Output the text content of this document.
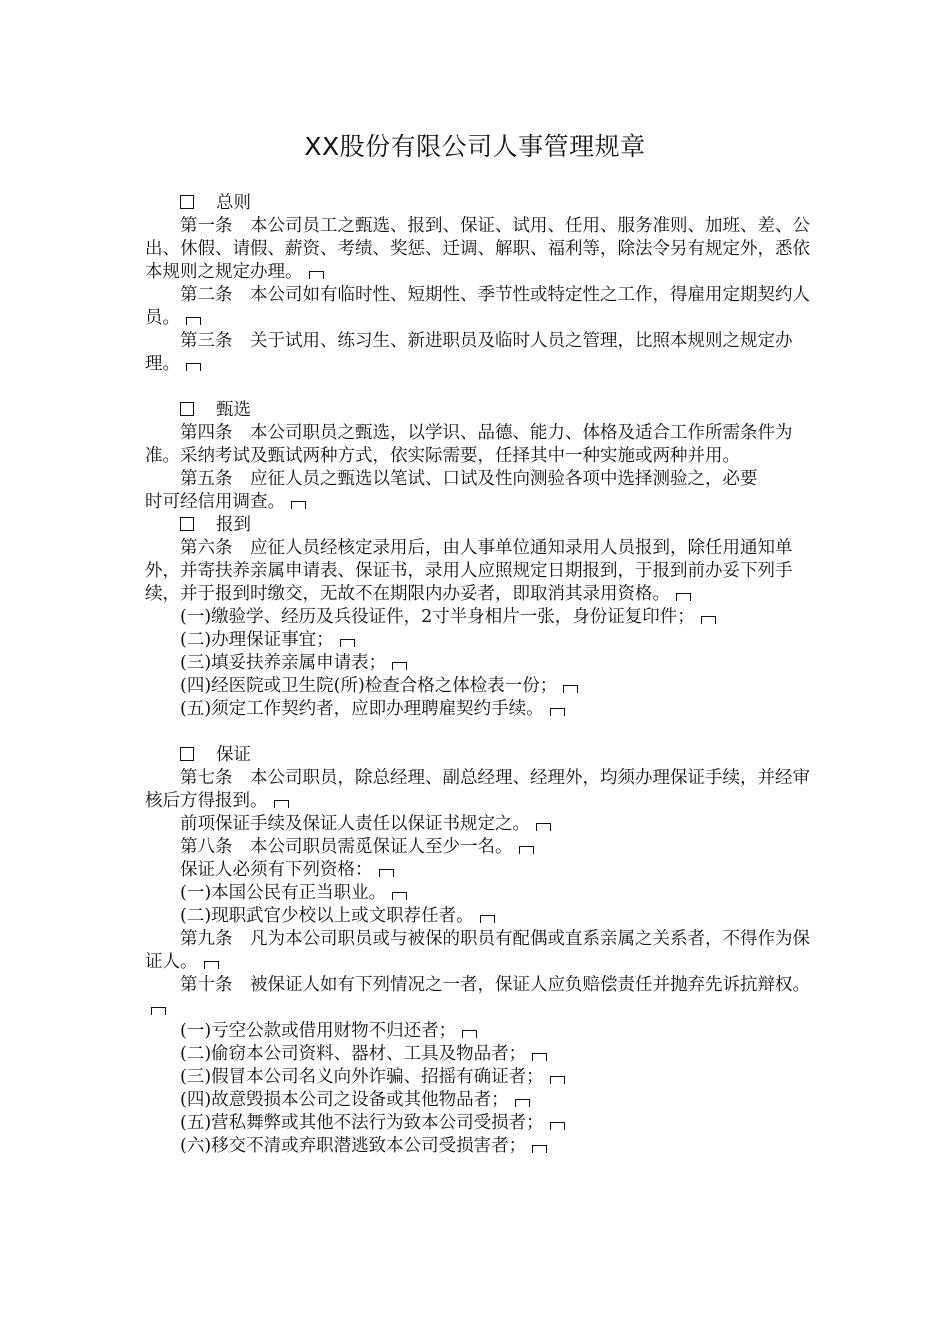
XX股份有限公司人事管理规章
总则

第一条　本公司员工之甄选、报到、保证、试用、任用、服务准则、加班、差、公出、休假、请假、薪资、考绩、奖惩、迁调、解职、福利等，除法令另有规定外，悉依本规则之规定办理。

第二条　本公司如有临时性、短期性、季节性或特定性之工作，得雇用定期契约人员。

第三条　关于试用、练习生、新进职员及临时人员之管理，比照本规则之规定办理。

甄选

第四条　本公司职员之甄选，以学识、品德、能力、体格及适合工作所需条件为准。采纳考试及甄试两种方式，依实际需要，任择其中一种实施或两种并用。

第五条　应征人员之甄选以笔试、口试及性向测验各项中选择测验之，必要

时可经信用调查。

报到

第六条　应征人员经核定录用后，由人事单位通知录用人员报到，除任用通知单外，并寄扶养亲属申请表、保证书，录用人应照规定日期报到，于报到前办妥下列手续，并于报到时缴交，无故不在期限内办妥者，即取消其录用资格。

(一)缴验学、经历及兵役证件，2寸半身相片一张，身份证复印件；

(二)办理保证事宜；

(三)填妥扶养亲属申请表；

(四)经医院或卫生院(所)检查合格之体检表一份；

(五)须定工作契约者，应即办理聘雇契约手续。

保证

第七条　本公司职员，除总经理、副总经理、经理外，均须办理保证手续，并经审核后方得报到。

前项保证手续及保证人责任以保证书规定之。

第八条　本公司职员需觅保证人至少一名。

保证人必须有下列资格：

(一)本国公民有正当职业。

(二)现职武官少校以上或文职荐任者。

第九条　凡为本公司职员或与被保的职员有配偶或直系亲属之关系者，不得作为保证人。

第十条　被保证人如有下列情况之一者，保证人应负赔偿责任并抛弃先诉抗辩权。

(一)亏空公款或借用财物不归还者；

(二)偷窃本公司资料、器材、工具及物品者；

(三)假冒本公司名义向外诈骗、招摇有确证者；

(四)故意毁损本公司之设备或其他物品者；

(五)营私舞弊或其他不法行为致本公司受损者；

(六)移交不清或弃职潜逃致本公司受损害者；
